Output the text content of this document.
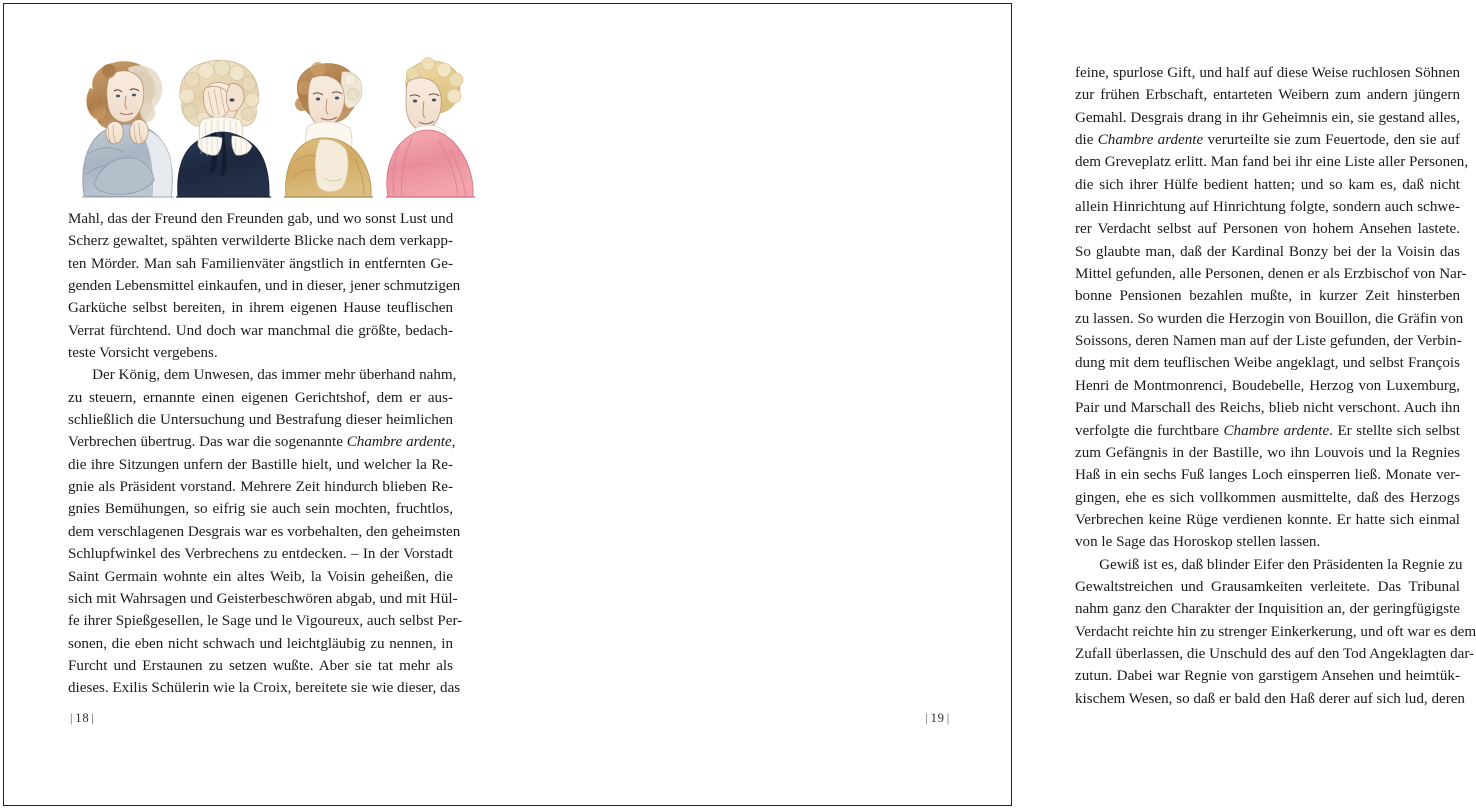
Mahl, das der Freund den Freunden gab, und wo sonst Lust und
Scherz gewaltet, spähten verwilderte Blicke nach dem verkapp-
ten Mörder. Man sah Familienväter ängstlich in entfernten Ge-
genden Lebensmittel einkaufen, und in dieser, jener schmutzigen
Garküche selbst bereiten, in ihrem eigenen Hause teuflischen
Verrat fürchtend. Und doch war manchmal die größte, bedach-
teste Vorsicht vergebens.
Der König, dem Unwesen, das immer mehr überhand nahm,
zu steuern, ernannte einen eigenen Gerichtshof, dem er aus-
schließlich die Untersuchung und Bestrafung dieser heimlichen
Verbrechen übertrug. Das war die sogenannte Chambre ardente,
die ihre Sitzungen unfern der Bastille hielt, und welcher la Re-
gnie als Präsident vorstand. Mehrere Zeit hindurch blieben Re-
gnies Bemühungen, so eifrig sie auch sein mochten, fruchtlos,
dem verschlagenen Desgrais war es vorbehalten, den geheimsten
Schlupfwinkel des Verbrechens zu entdecken. – In der Vorstadt
Saint Germain wohnte ein altes Weib, la Voisin geheißen, die
sich mit Wahrsagen und Geisterbeschwören abgab, und mit Hül-
fe ihrer Spießgesellen, le Sage und le Vigoureux, auch selbst Per-
sonen, die eben nicht schwach und leichtgläubig zu nennen, in
Furcht und Erstaunen zu setzen wußte. Aber sie tat mehr als
dieses. Exilis Schülerin wie la Croix, bereitete sie wie dieser, das
| 18 |
feine, spurlose Gift, und half auf diese Weise ruchlosen Söhnen
zur frühen Erbschaft, entarteten Weibern zum andern jüngern
Gemahl. Desgrais drang in ihr Geheimnis ein, sie gestand alles,
die Chambre ardente verurteilte sie zum Feuertode, den sie auf
dem Greveplatz erlitt. Man fand bei ihr eine Liste aller Personen,
die sich ihrer Hülfe bedient hatten; und so kam es, daß nicht
allein Hinrichtung auf Hinrichtung folgte, sondern auch schwe-
rer Verdacht selbst auf Personen von hohem Ansehen lastete.
So glaubte man, daß der Kardinal Bonzy bei der la Voisin das
Mittel gefunden, alle Personen, denen er als Erzbischof von Nar-
bonne Pensionen bezahlen mußte, in kurzer Zeit hinsterben
zu lassen. So wurden die Herzogin von Bouillon, die Gräfin von
Soissons, deren Namen man auf der Liste gefunden, der Verbin-
dung mit dem teuflischen Weibe angeklagt, und selbst François
Henri de Montmonrenci, Boudebelle, Herzog von Luxemburg,
Pair und Marschall des Reichs, blieb nicht verschont. Auch ihn
verfolgte die furchtbare Chambre ardente. Er stellte sich selbst
zum Gefängnis in der Bastille, wo ihn Louvois und la Regnies
Haß in ein sechs Fuß langes Loch einsperren ließ. Monate ver-
gingen, ehe es sich vollkommen ausmittelte, daß des Herzogs
Verbrechen keine Rüge verdienen konnte. Er hatte sich einmal
von le Sage das Horoskop stellen lassen.
Gewiß ist es, daß blinder Eifer den Präsidenten la Regnie zu
Gewaltstreichen und Grausamkeiten verleitete. Das Tribunal
nahm ganz den Charakter der Inquisition an, der geringfügigste
Verdacht reichte hin zu strenger Einkerkerung, und oft war es dem
Zufall überlassen, die Unschuld des auf den Tod Angeklagten dar-
zutun. Dabei war Regnie von garstigem Ansehen und heimtük-
kischem Wesen, so daß er bald den Haß derer auf sich lud, deren
| 19 |
